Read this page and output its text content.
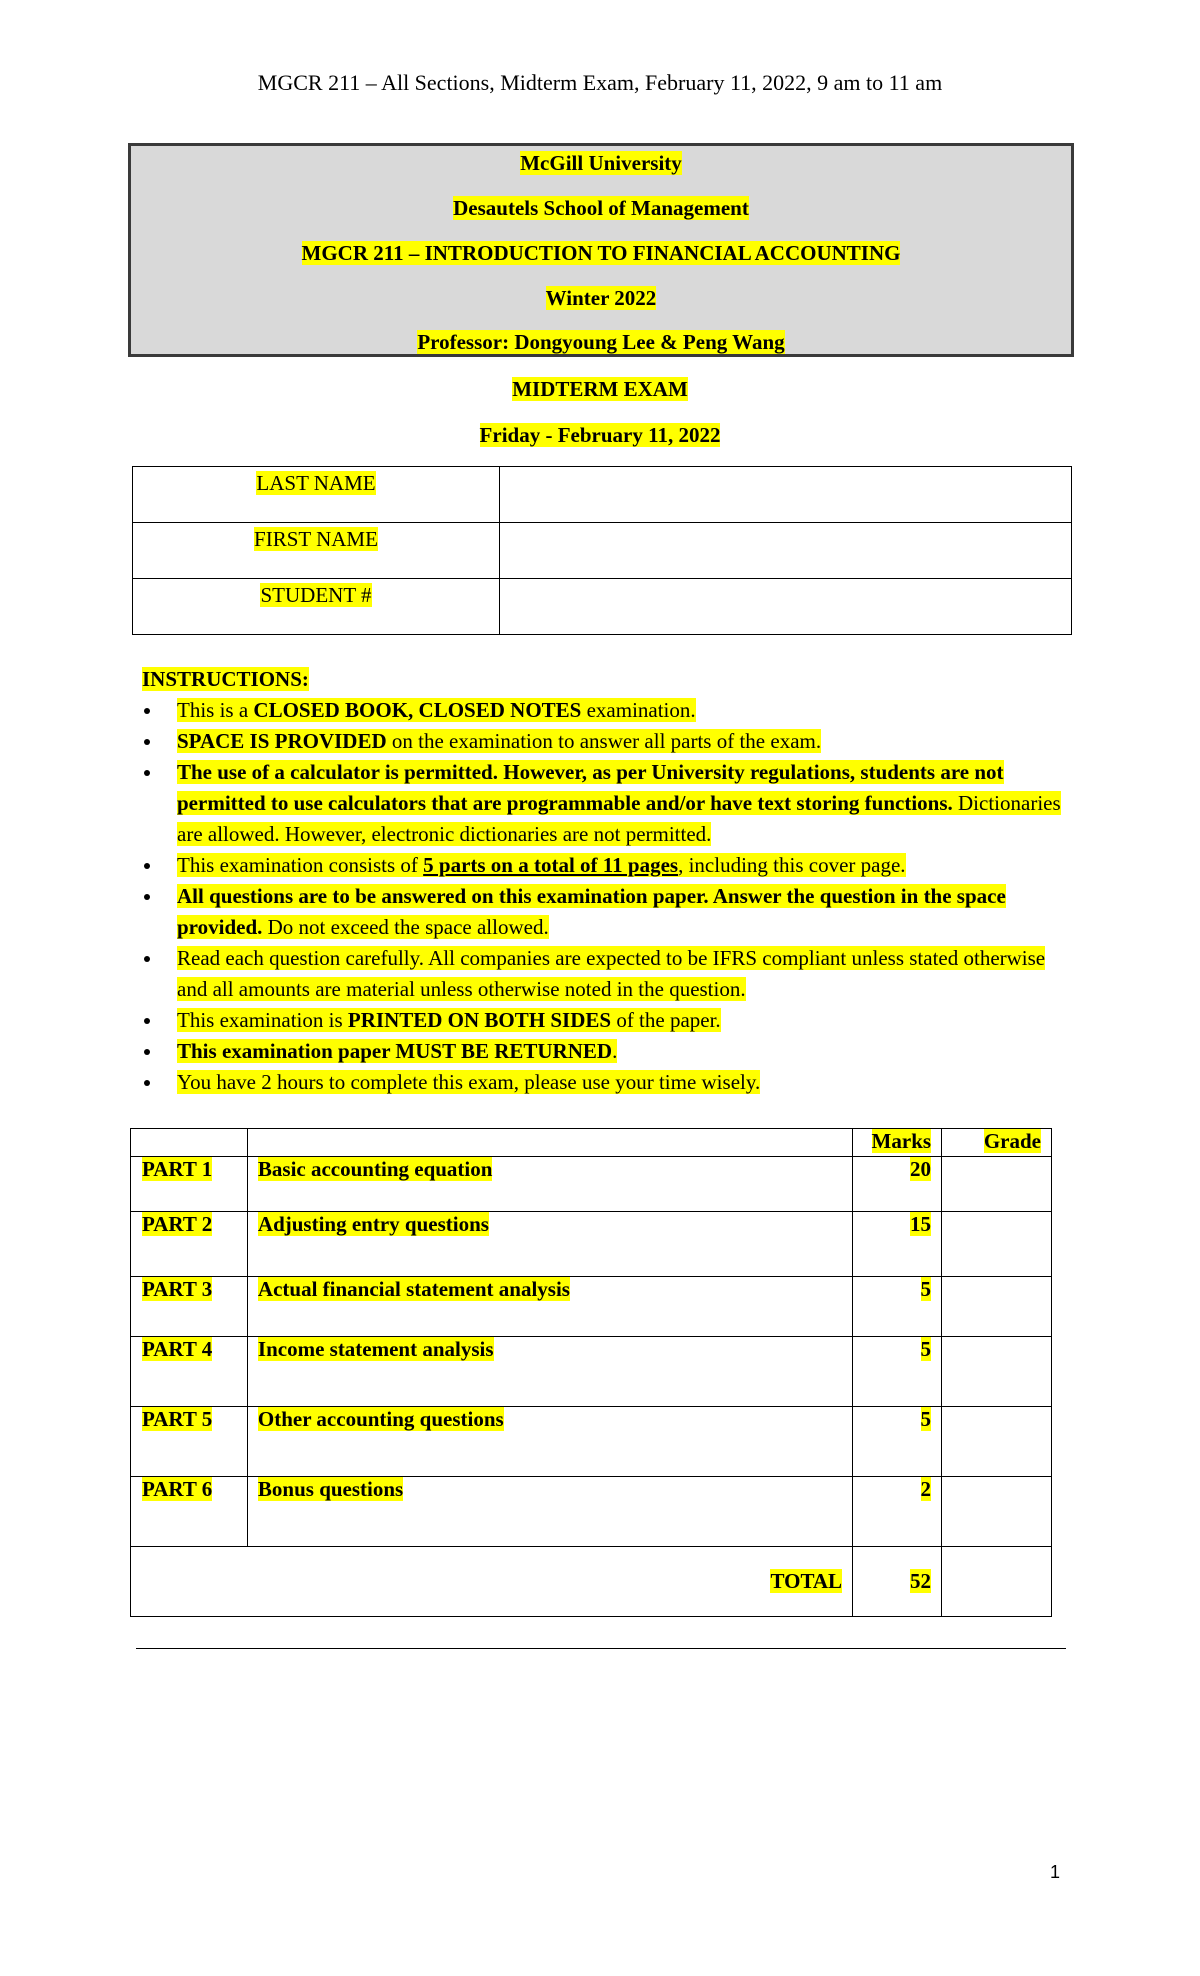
MGCR 211 – All Sections, Midterm Exam, February 11, 2022, 9 am to 11 am
McGill University
Desautels School of Management
MGCR 211 – INTRODUCTION TO FINANCIAL ACCOUNTING
Winter 2022
Professor: Dongyoung Lee & Peng Wang
MIDTERM EXAM
Friday - February 11, 2022
LAST NAME	
FIRST NAME	
STUDENT #	
INSTRUCTIONS:
This is a CLOSED BOOK, CLOSED NOTES examination.
SPACE IS PROVIDED on the examination to answer all parts of the exam.
The use of a calculator is permitted. However, as per University regulations, students are not permitted to use calculators that are programmable and/or have text storing functions. Dictionaries are allowed. However, electronic dictionaries are not permitted.
This examination consists of 5 parts on a total of 11 pages, including this cover page.
All questions are to be answered on this examination paper. Answer the question in the space provided. Do not exceed the space allowed.
Read each question carefully. All companies are expected to be IFRS compliant unless stated otherwise and all amounts are material unless otherwise noted in the question.
This examination is PRINTED ON BOTH SIDES of the paper.
This examination paper MUST BE RETURNED.
You have 2 hours to complete this exam, please use your time wisely.
		Marks	Grade
PART 1	Basic accounting equation	20	
PART 2	Adjusting entry questions	15	
PART 3	Actual financial statement analysis	5	
PART 4	Income statement analysis	5	
PART 5	Other accounting questions	5	
PART 6	Bonus questions	2	
TOTAL		52	
1
